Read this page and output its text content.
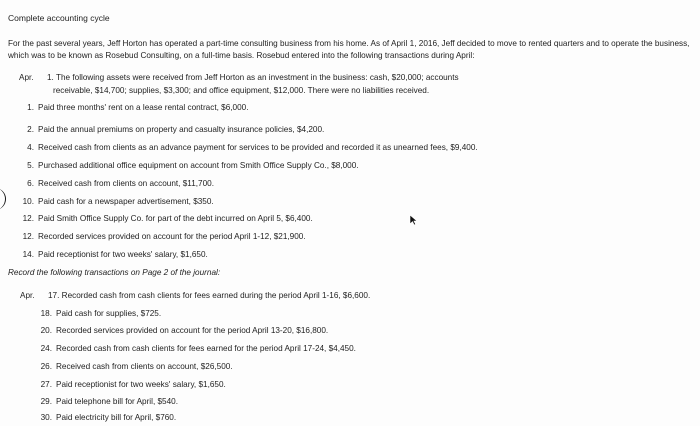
Complete accounting cycle
For the past several years, Jeff Horton has operated a part-time consulting business from his home. As of April 1, 2016, Jeff decided to move to rented quarters and to operate the business, which was to be known as Rosebud Consulting, on a full-time basis. Rosebud entered into the following transactions during April:
Apr. 1. The following assets were received from Jeff Horton as an investment in the business: cash, $20,000; accounts
receivable, $14,700; supplies, $3,300; and office equipment, $12,000. There were no liabilities received.
1. Paid three months' rent on a lease rental contract, $6,000.
2. Paid the annual premiums on property and casualty insurance policies, $4,200.
4. Received cash from clients as an advance payment for services to be provided and recorded it as unearned fees, $9,400.
5. Purchased additional office equipment on account from Smith Office Supply Co., $8,000.
6. Received cash from clients on account, $11,700.
10. Paid cash for a newspaper advertisement, $350.
12. Paid Smith Office Supply Co. for part of the debt incurred on April 5, $6,400.
12. Recorded services provided on account for the period April 1-12, $21,900.
14. Paid receptionist for two weeks' salary, $1,650.
Record the following transactions on Page 2 of the journal:
Apr. 17. Recorded cash from cash clients for fees earned during the period April 1-16, $6,600.
18. Paid cash for supplies, $725.
20. Recorded services provided on account for the period April 13-20, $16,800.
24. Recorded cash from cash clients for fees earned for the period April 17-24, $4,450.
26. Received cash from clients on account, $26,500.
27. Paid receptionist for two weeks' salary, $1,650.
29. Paid telephone bill for April, $540.
30. Paid electricity bill for April, $760.
